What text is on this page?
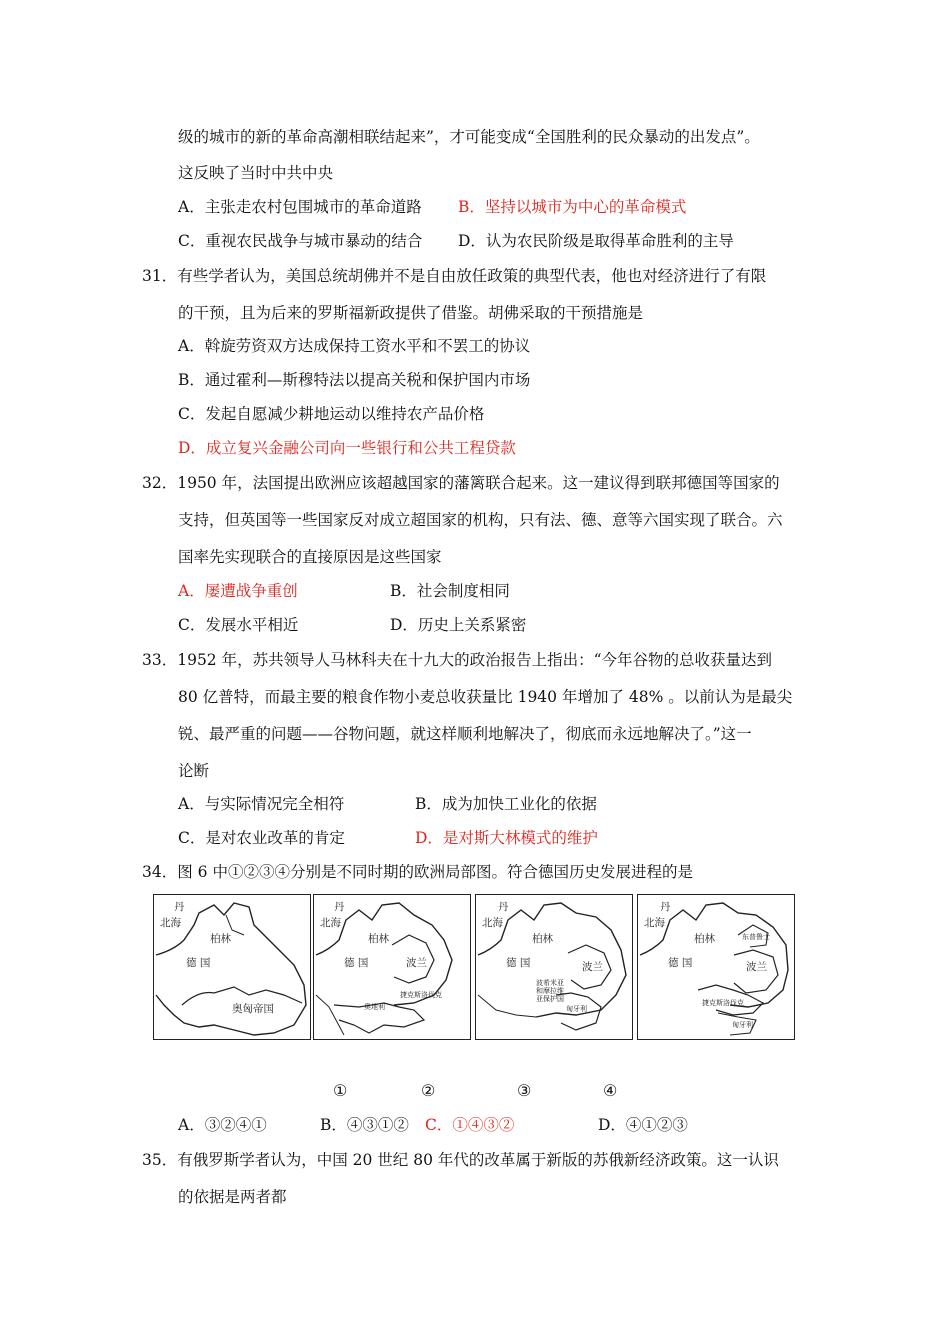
级的城市的新的革命高潮相联结起来”，才可能变成“全国胜利的民众暴动的出发点”。
这反映了当时中共中央
A．主张走农村包围城市的革命道路 B．坚持以城市为中心的革命模式
C．重视农民战争与城市暴动的结合 D．认为农民阶级是取得革命胜利的主导
31．有些学者认为，美国总统胡佛并不是自由放任政策的典型代表，他也对经济进行了有限
的干预，且为后来的罗斯福新政提供了借鉴。胡佛采取的干预措施是
A．斡旋劳资双方达成保持工资水平和不罢工的协议
B．通过霍利—斯穆特法以提高关税和保护国内市场
C．发起自愿减少耕地运动以维持农产品价格
D．成立复兴金融公司向一些银行和公共工程贷款
32．1950 年，法国提出欧洲应该超越国家的藩篱联合起来。这一建议得到联邦德国等国家的
支持，但英国等一些国家反对成立超国家的机构，只有法、德、意等六国实现了联合。六
国率先实现联合的直接原因是这些国家
A．屡遭战争重创	B．社会制度相同
C．发展水平相近	D．历史上关系紧密
33．1952 年，苏共领导人马林科夫在十九大的政治报告上指出：“今年谷物的总收获量达到
80 亿普特，而最主要的粮食作物小麦总收获量比 1940 年增加了 48% 。以前认为是最尖
锐、最严重的问题——谷物问题，就这样顺利地解决了，彻底而永远地解决了。”这一
论断
A．与实际情况完全相符	B．成为加快工业化的依据
C．是对农业改革的肯定	D．是对斯大林模式的维护
34．图 6 中①②③④分别是不同时期的欧洲局部图。符合德国历史发展进程的是
丹
北海
柏林
德 国
奥匈帝国
丹
北海
柏林
德 国	波兰
奥地利
捷克斯洛伐克
丹
北海
柏林
德 国	波兰
波希米亚和摩拉维亚保护国
匈牙利
丹
北海
柏林
德 国	波兰
东普鲁士
捷克斯洛伐克
匈牙利
①	②	③	④
A．③②④①	B．④③①② C．①④③②	D．④①②③
35．有俄罗斯学者认为，中国 20 世纪 80 年代的改革属于新版的苏俄新经济政策。这一认识
的依据是两者都
